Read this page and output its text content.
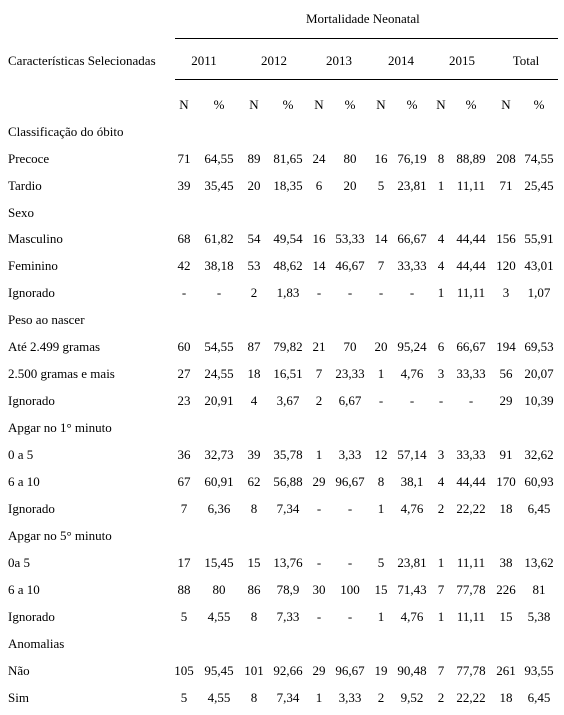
Mortalidade Neonatal
Características Selecionadas	2011	2012	2013	2014	2015	Total
N % N % N % N % N % N %
Classificação do óbito
Precoce	71 64,55 89 81,65 24 80 16 76,19 8 88,89 208 74,55
Tardio	39 35,45 20 18,35 6 20 5 23,81 1 11,11 71 25,45
Sexo
Masculino	68 61,82 54 49,54 16 53,33 14 66,67 4 44,44 156 55,91
Feminino	42 38,18 53 48,62 14 46,67 7 33,33 4 44,44 120 43,01
Ignorado	- - 2 1,83 - - - - 1 11,11 3 1,07
Peso ao nascer
Até 2.499 gramas	60 54,55 87 79,82 21 70 20 95,24 6 66,67 194 69,53
2.500 gramas e mais	27 24,55 18 16,51 7 23,33 1 4,76 3 33,33 56 20,07
Ignorado	23 20,91 4 3,67 2 6,67 - - - - 29 10,39
Apgar no 1° minuto
0 a 5	36 32,73 39 35,78 1 3,33 12 57,14 3 33,33 91 32,62
6 a 10	67 60,91 62 56,88 29 96,67 8 38,1 4 44,44 170 60,93
Ignorado	7 6,36 8 7,34 - - 1 4,76 2 22,22 18 6,45
Apgar no 5° minuto
0a 5	17 15,45 15 13,76 - - 5 23,81 1 11,11 38 13,62
6 a 10	88 80 86 78,9 30 100 15 71,43 7 77,78 226 81
Ignorado	5 4,55 8 7,33 - - 1 4,76 1 11,11 15 5,38
Anomalias
Não	105 95,45 101 92,66 29 96,67 19 90,48 7 77,78 261 93,55
Sim	5 4,55 8 7,34 1 3,33 2 9,52 2 22,22 18 6,45
